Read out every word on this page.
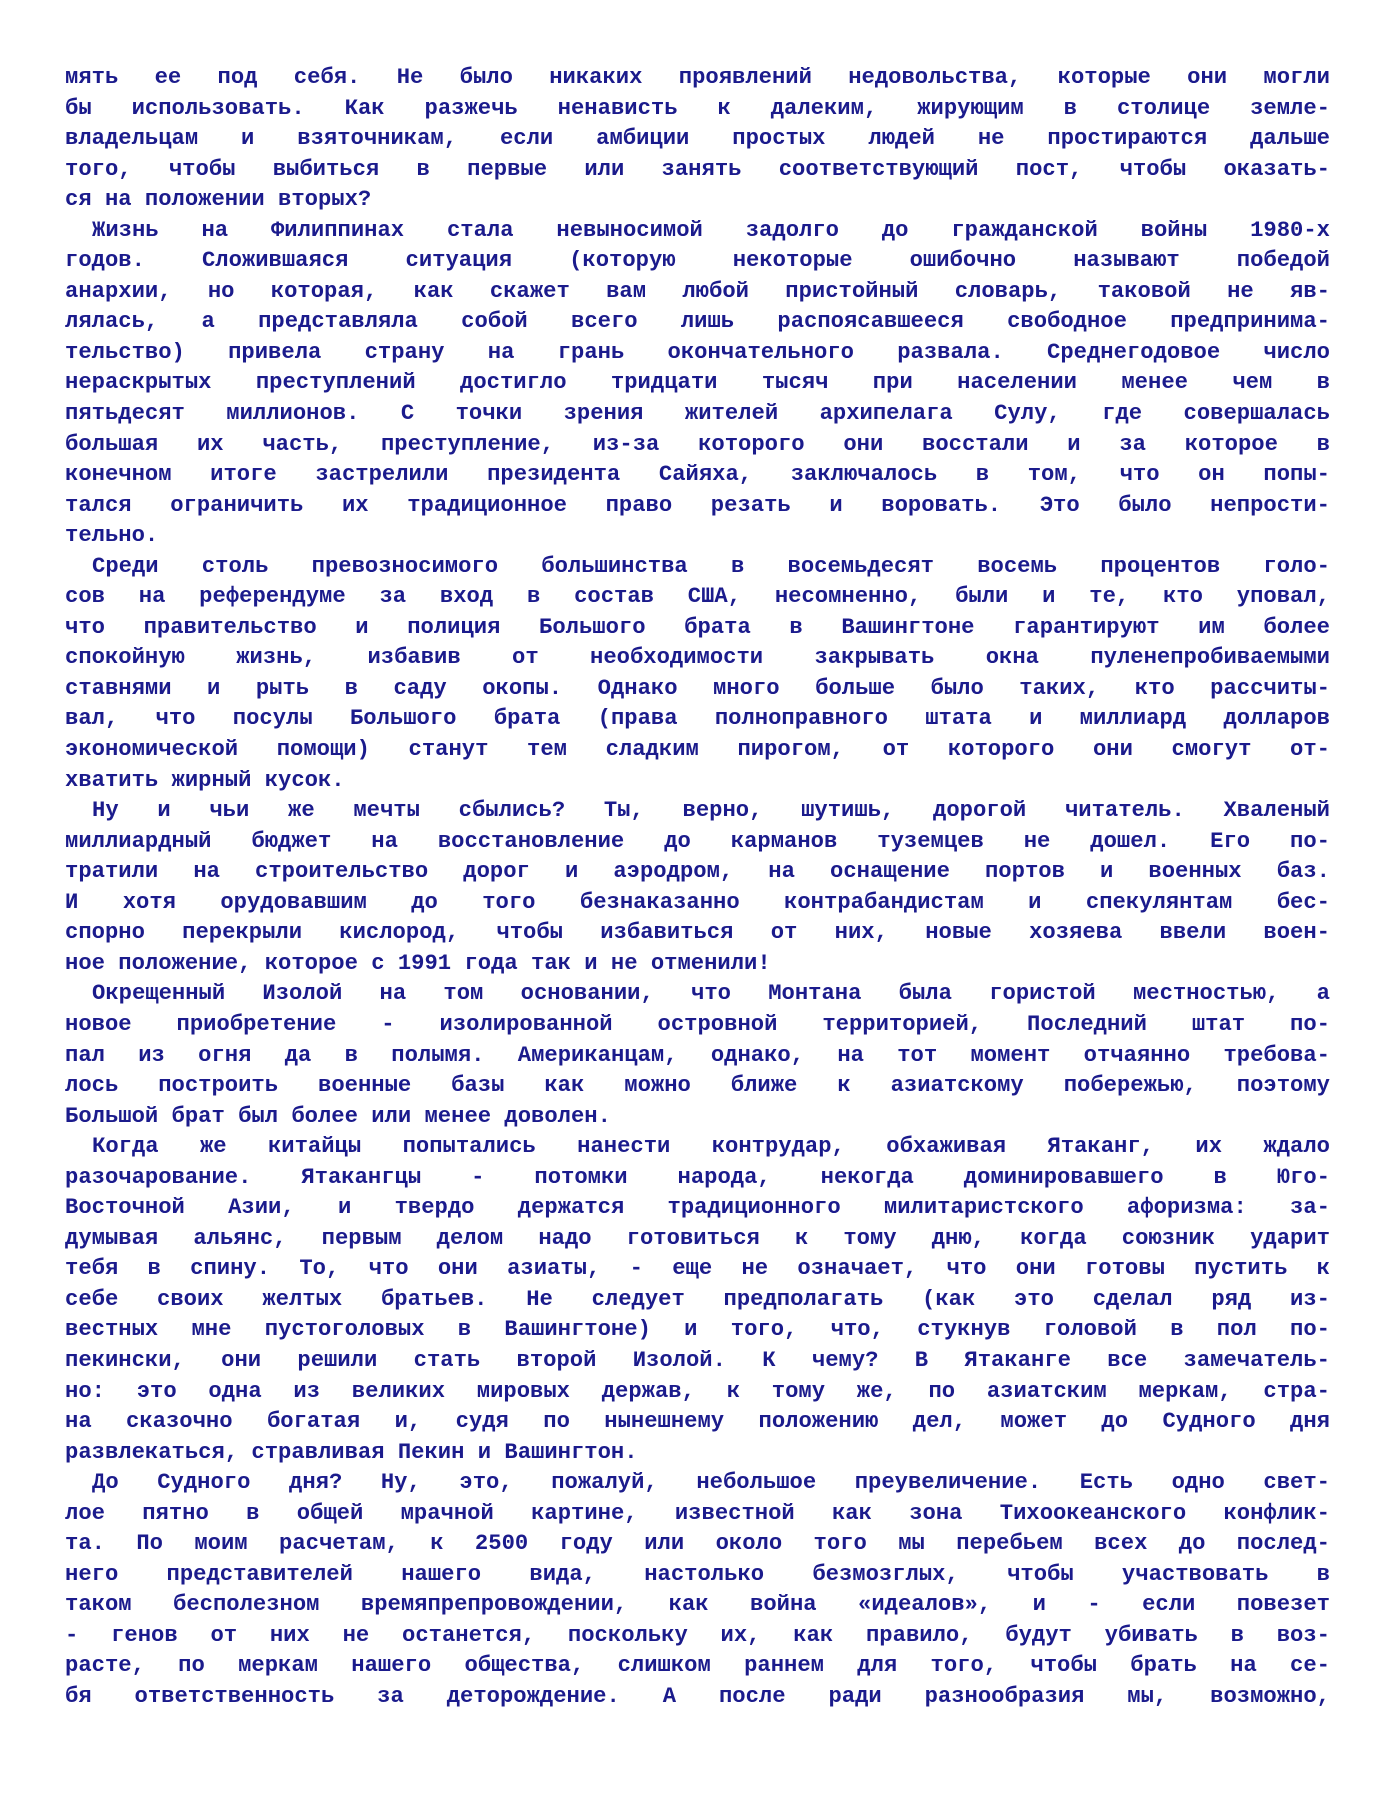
мять ее под себя. Не было никаких проявлений недовольства, которые они могли
бы использовать. Как разжечь ненависть к далеким, жирующим в столице земле-
владельцам и взяточникам, если амбиции простых людей не простираются дальше
того, чтобы выбиться в первые или занять соответствующий пост, чтобы оказать-
ся на положении вторых?
Жизнь на Филиппинах стала невыносимой задолго до гражданской войны 1980-х
годов. Сложившаяся ситуация (которую некоторые ошибочно называют победой
анархии, но которая, как скажет вам любой пристойный словарь, таковой не яв-
лялась, а представляла собой всего лишь распоясавшееся свободное предпринима-
тельство) привела страну на грань окончательного развала. Среднегодовое число
нераскрытых преступлений достигло тридцати тысяч при населении менее чем в
пятьдесят миллионов. С точки зрения жителей архипелага Сулу, где совершалась
большая их часть, преступление, из-за которого они восстали и за которое в
конечном итоге застрелили президента Сайяха, заключалось в том, что он попы-
тался ограничить их традиционное право резать и воровать. Это было непрости-
тельно.
Среди столь превозносимого большинства в восемьдесят восемь процентов голо-
сов на референдуме за вход в состав США, несомненно, были и те, кто уповал,
что правительство и полиция Большого брата в Вашингтоне гарантируют им более
спокойную жизнь, избавив от необходимости закрывать окна пуленепробиваемыми
ставнями и рыть в саду окопы. Однако много больше было таких, кто рассчиты-
вал, что посулы Большого брата (права полноправного штата и миллиард долларов
экономической помощи) станут тем сладким пирогом, от которого они смогут от-
хватить жирный кусок.
Ну и чьи же мечты сбылись? Ты, верно, шутишь, дорогой читатель. Хваленый
миллиардный бюджет на восстановление до карманов туземцев не дошел. Его по-
тратили на строительство дорог и аэродром, на оснащение портов и военных баз.
И хотя орудовавшим до того безнаказанно контрабандистам и спекулянтам бес-
спорно перекрыли кислород, чтобы избавиться от них, новые хозяева ввели воен-
ное положение, которое с 1991 года так и не отменили!
Окрещенный Изолой на том основании, что Монтана была гористой местностью, а
новое приобретение - изолированной островной территорией, Последний штат по-
пал из огня да в полымя. Американцам, однако, на тот момент отчаянно требова-
лось построить военные базы как можно ближе к азиатскому побережью, поэтому
Большой брат был более или менее доволен.
Когда же китайцы попытались нанести контрудар, обхаживая Ятаканг, их ждало
разочарование. Ятакангцы - потомки народа, некогда доминировавшего в Юго-
Восточной Азии, и твердо держатся традиционного милитаристского афоризма: за-
думывая альянс, первым делом надо готовиться к тому дню, когда союзник ударит
тебя в спину. То, что они азиаты, - еще не означает, что они готовы пустить к
себе своих желтых братьев. Не следует предполагать (как это сделал ряд из-
вестных мне пустоголовых в Вашингтоне) и того, что, стукнув головой в пол по-
пекински, они решили стать второй Изолой. К чему? В Ятаканге все замечатель-
но: это одна из великих мировых держав, к тому же, по азиатским меркам, стра-
на сказочно богатая и, судя по нынешнему положению дел, может до Судного дня
развлекаться, стравливая Пекин и Вашингтон.
До Судного дня? Ну, это, пожалуй, небольшое преувеличение. Есть одно свет-
лое пятно в общей мрачной картине, известной как зона Тихоокеанского конфлик-
та. По моим расчетам, к 2500 году или около того мы перебьем всех до послед-
него представителей нашего вида, настолько безмозглых, чтобы участвовать в
таком бесполезном времяпрепровождении, как война «идеалов», и - если повезет
- генов от них не останется, поскольку их, как правило, будут убивать в воз-
расте, по меркам нашего общества, слишком раннем для того, чтобы брать на се-
бя ответственность за деторождение. А после ради разнообразия мы, возможно,
